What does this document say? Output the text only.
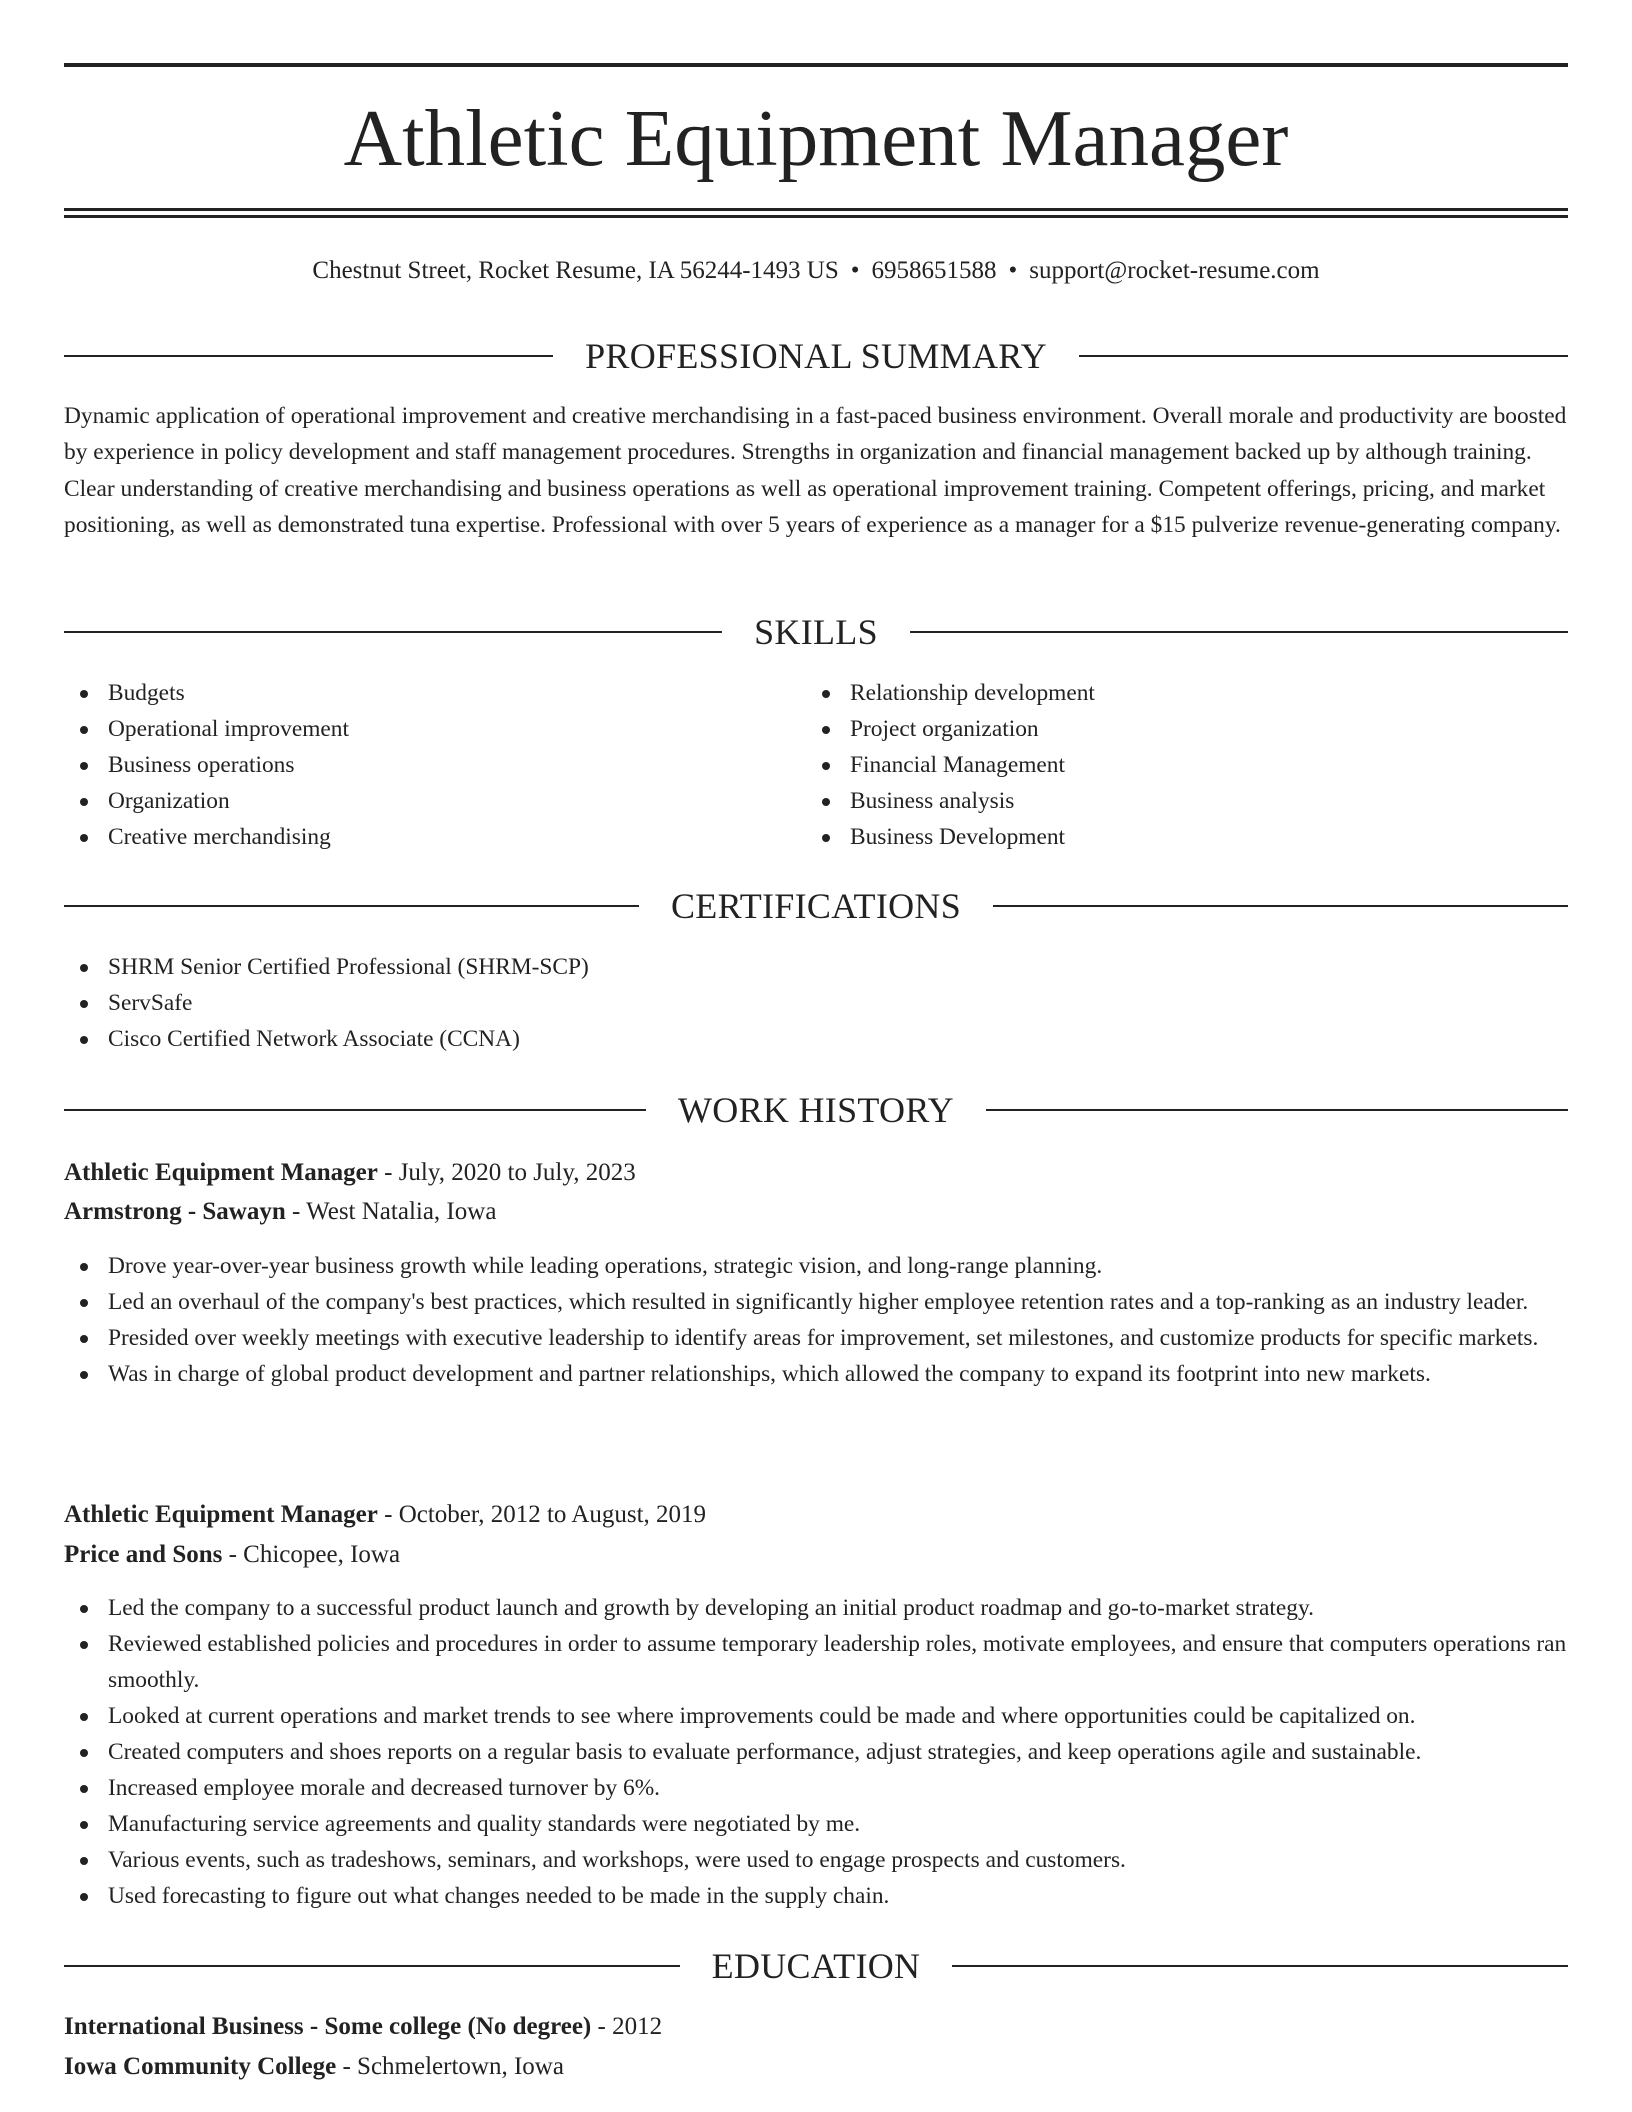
Athletic Equipment Manager
Chestnut Street, Rocket Resume, IA 56244-1493 US • 6958651588 • support@rocket-resume.com
PROFESSIONAL SUMMARY

Dynamic application of operational improvement and creative merchandising in a fast-paced business environment. Overall morale and productivity are boosted by experience in policy development and staff management procedures. Strengths in organization and financial management backed up by although training. Clear understanding of creative merchandising and business operations as well as operational improvement training. Competent offerings, pricing, and market positioning, as well as demonstrated tuna expertise. Professional with over 5 years of experience as a manager for a $15 pulverize revenue-generating company.

SKILLS
Budgets
Operational improvement
Business operations
Organization
Creative merchandising
Relationship development
Project organization
Financial Management
Business analysis
Business Development
CERTIFICATIONS
SHRM Senior Certified Professional (SHRM-SCP)
ServSafe
Cisco Certified Network Associate (CCNA)
WORK HISTORY
Athletic Equipment Manager - July, 2020 to July, 2023
Armstrong - Sawayn - West Natalia, Iowa
Drove year-over-year business growth while leading operations, strategic vision, and long-range planning.
Led an overhaul of the company's best practices, which resulted in significantly higher employee retention rates and a top-ranking as an industry leader.
Presided over weekly meetings with executive leadership to identify areas for improvement, set milestones, and customize products for specific markets.
Was in charge of global product development and partner relationships, which allowed the company to expand its footprint into new markets.
Athletic Equipment Manager - October, 2012 to August, 2019
Price and Sons - Chicopee, Iowa
Led the company to a successful product launch and growth by developing an initial product roadmap and go-to-market strategy.
Reviewed established policies and procedures in order to assume temporary leadership roles, motivate employees, and ensure that computers operations ran smoothly.
Looked at current operations and market trends to see where improvements could be made and where opportunities could be capitalized on.
Created computers and shoes reports on a regular basis to evaluate performance, adjust strategies, and keep operations agile and sustainable.
Increased employee morale and decreased turnover by 6%.
Manufacturing service agreements and quality standards were negotiated by me.
Various events, such as tradeshows, seminars, and workshops, were used to engage prospects and customers.
Used forecasting to figure out what changes needed to be made in the supply chain.
EDUCATION
International Business - Some college (No degree) - 2012
Iowa Community College - Schmelertown, Iowa
